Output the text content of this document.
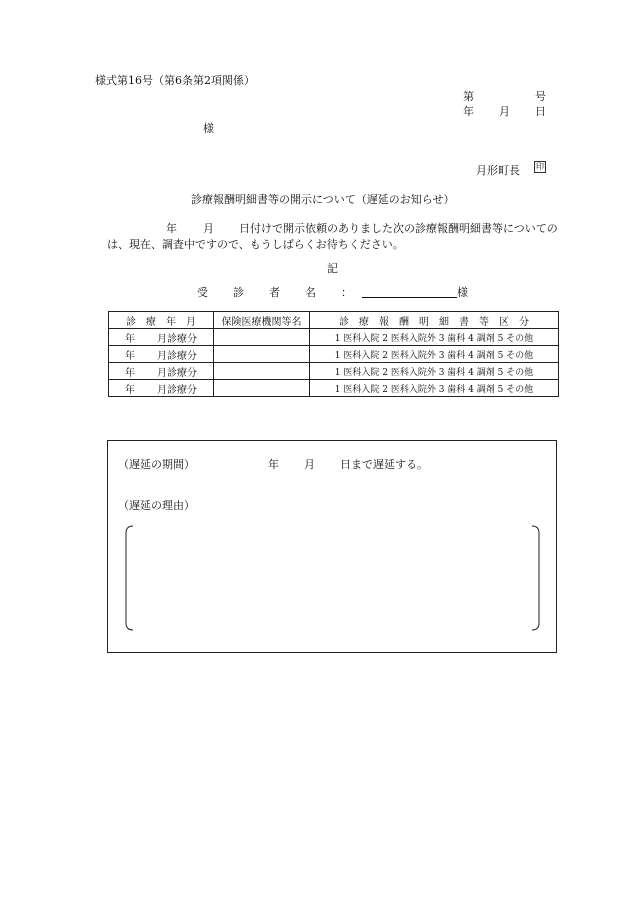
様式第16号（第6条第2項関係）
第	号
年 月 日
様
月形町長 印
診療報酬明細書等の開示について（遅延のお知らせ）
年 月 日付けで開示依頼のありました次の診療報酬明細書等についての
は、現在、調査中ですので、もうしばらくお待ちください。
記
受 診 者 名 ：	様
診　療　年　月	保険医療機関等名	診　療　報　酬　明　細　書　等　区　分
年 月診療分		1 医科入院 2 医科入院外 3 歯科 4 調剤 5 その他
年 月診療分		1 医科入院 2 医科入院外 3 歯科 4 調剤 5 その他
年 月診療分		1 医科入院 2 医科入院外 3 歯科 4 調剤 5 その他
年 月診療分		1 医科入院 2 医科入院外 3 歯科 4 調剤 5 その他
（遅延の期間）	年 月 日まで遅延する。
（遅延の理由）
